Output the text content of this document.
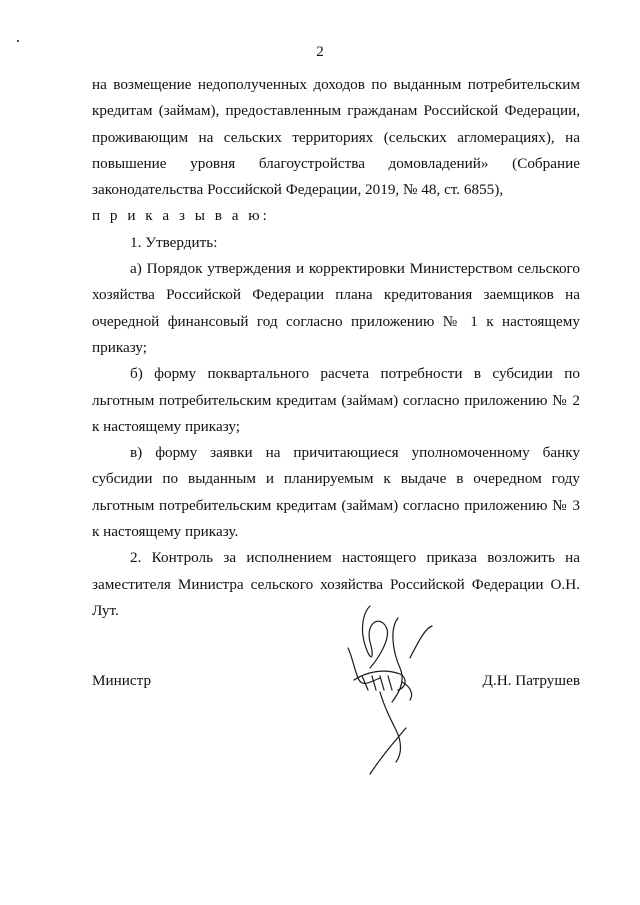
2

на возмещение недополученных доходов по выданным потребительским кредитам (займам), предоставленным гражданам Российской Федерации, проживающим на сельских территориях (сельских агломерациях), на повышение уровня благоустройства домовладений» (Собрание законодательства Российской Федерации, 2019, № 48, ст. 6855),

п р и к а з ы в а ю:

1. Утвердить:

а) Порядок утверждения и корректировки Министерством сельского хозяйства Российской Федерации плана кредитования заемщиков на очередной финансовый год согласно приложению № 1 к настоящему приказу;

б) форму поквартального расчета потребности в субсидии по льготным потребительским кредитам (займам) согласно приложению № 2 к настоящему приказу;

в) форму заявки на причитающиеся уполномоченному банку субсидии по выданным и планируемым к выдаче в очередном году льготным потребительским кредитам (займам) согласно приложению № 3 к настоящему приказу.

2. Контроль за исполнением настоящего приказа возложить на заместителя Министра сельского хозяйства Российской Федерации О.Н. Лут.

Министр	Д.Н. Патрушев
